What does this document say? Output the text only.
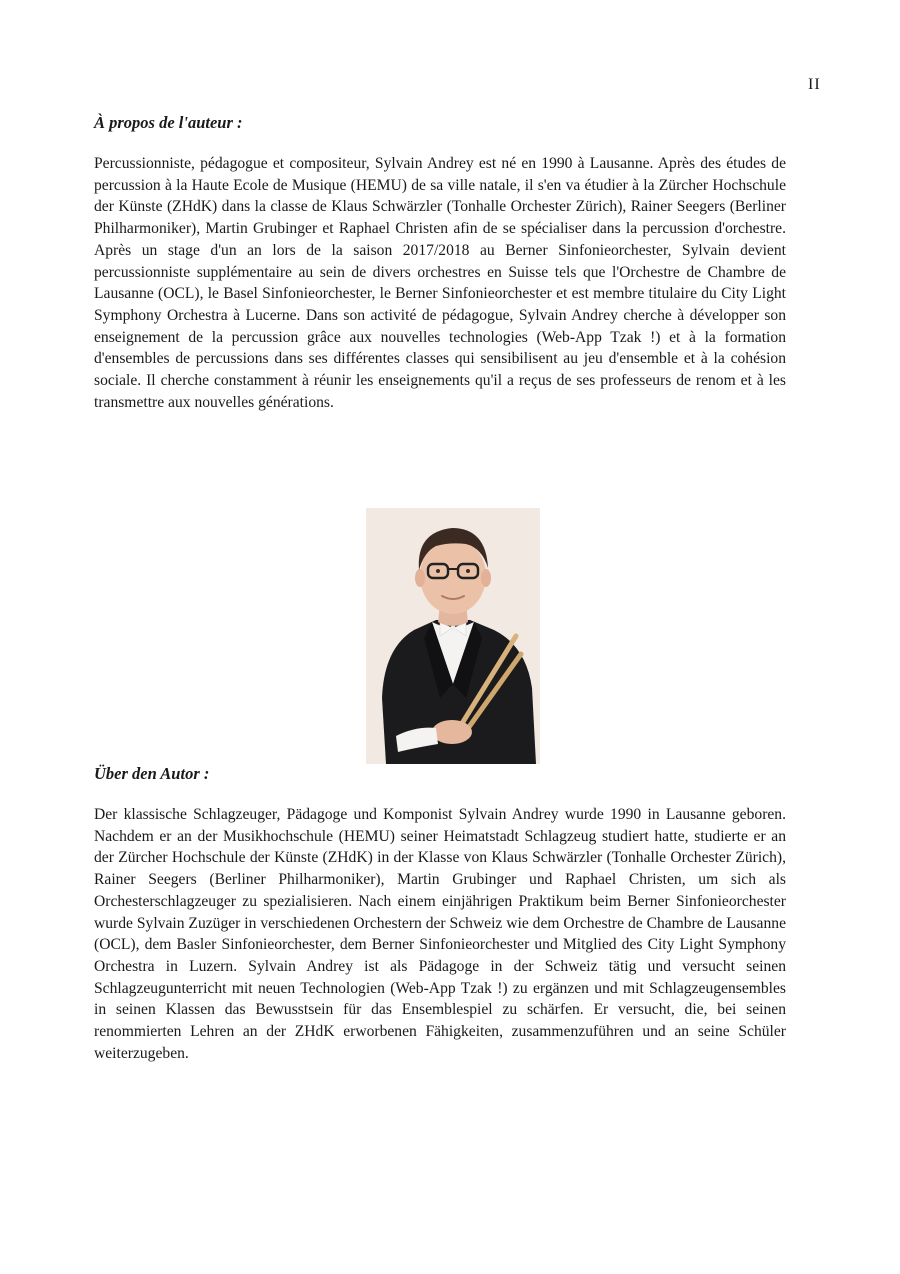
II
À propos de l'auteur :

Percussionniste, pédagogue et compositeur, Sylvain Andrey est né en 1990 à Lausanne. Après des études de percussion à la Haute Ecole de Musique (HEMU) de sa ville natale, il s'en va étudier à la Zürcher Hochschule der Künste (ZHdK) dans la classe de Klaus Schwärzler (Tonhalle Orchester Zürich), Rainer Seegers (Berliner Philharmoniker), Martin Grubinger et Raphael Christen afin de se spécialiser dans la percussion d'orchestre. Après un stage d'un an lors de la saison 2017/2018 au Berner Sinfonieorchester, Sylvain devient percussionniste supplémentaire au sein de divers orchestres en Suisse tels que l'Orchestre de Chambre de Lausanne (OCL), le Basel Sinfonieorchester, le Berner Sinfonieorchester et est membre titulaire du City Light Symphony Orchestra à Lucerne. Dans son activité de pédagogue, Sylvain Andrey cherche à développer son enseignement de la percussion grâce aux nouvelles technologies (Web-App Tzak !) et à la formation d'ensembles de percussions dans ses différentes classes qui sensibilisent au jeu d'ensemble et à la cohésion sociale. Il cherche constamment à réunir les enseignements qu'il a reçus de ses professeurs de renom et à les transmettre aux nouvelles générations.

Über den Autor :

Der klassische Schlagzeuger, Pädagoge und Komponist Sylvain Andrey wurde 1990 in Lausanne geboren. Nachdem er an der Musikhochschule (HEMU) seiner Heimatstadt Schlagzeug studiert hatte, studierte er an der Zürcher Hochschule der Künste (ZHdK) in der Klasse von Klaus Schwärzler (Tonhalle Orchester Zürich), Rainer Seegers (Berliner Philharmoniker), Martin Grubinger und Raphael Christen, um sich als Orchesterschlagzeuger zu spezialisieren. Nach einem einjährigen Praktikum beim Berner Sinfonieorchester wurde Sylvain Zuzüger in verschiedenen Orchestern der Schweiz wie dem Orchestre de Chambre de Lausanne (OCL), dem Basler Sinfonieorchester, dem Berner Sinfonieorchester und Mitglied des City Light Symphony Orchestra in Luzern. Sylvain Andrey ist als Pädagoge in der Schweiz tätig und versucht seinen Schlagzeugunterricht mit neuen Technologien (Web-App Tzak !) zu ergänzen und mit Schlagzeugensembles in seinen Klassen das Bewusstsein für das Ensemblespiel zu schärfen. Er versucht, die, bei seinen renommierten Lehren an der ZHdK erworbenen Fähigkeiten, zusammenzuführen und an seine Schüler weiterzugeben.
